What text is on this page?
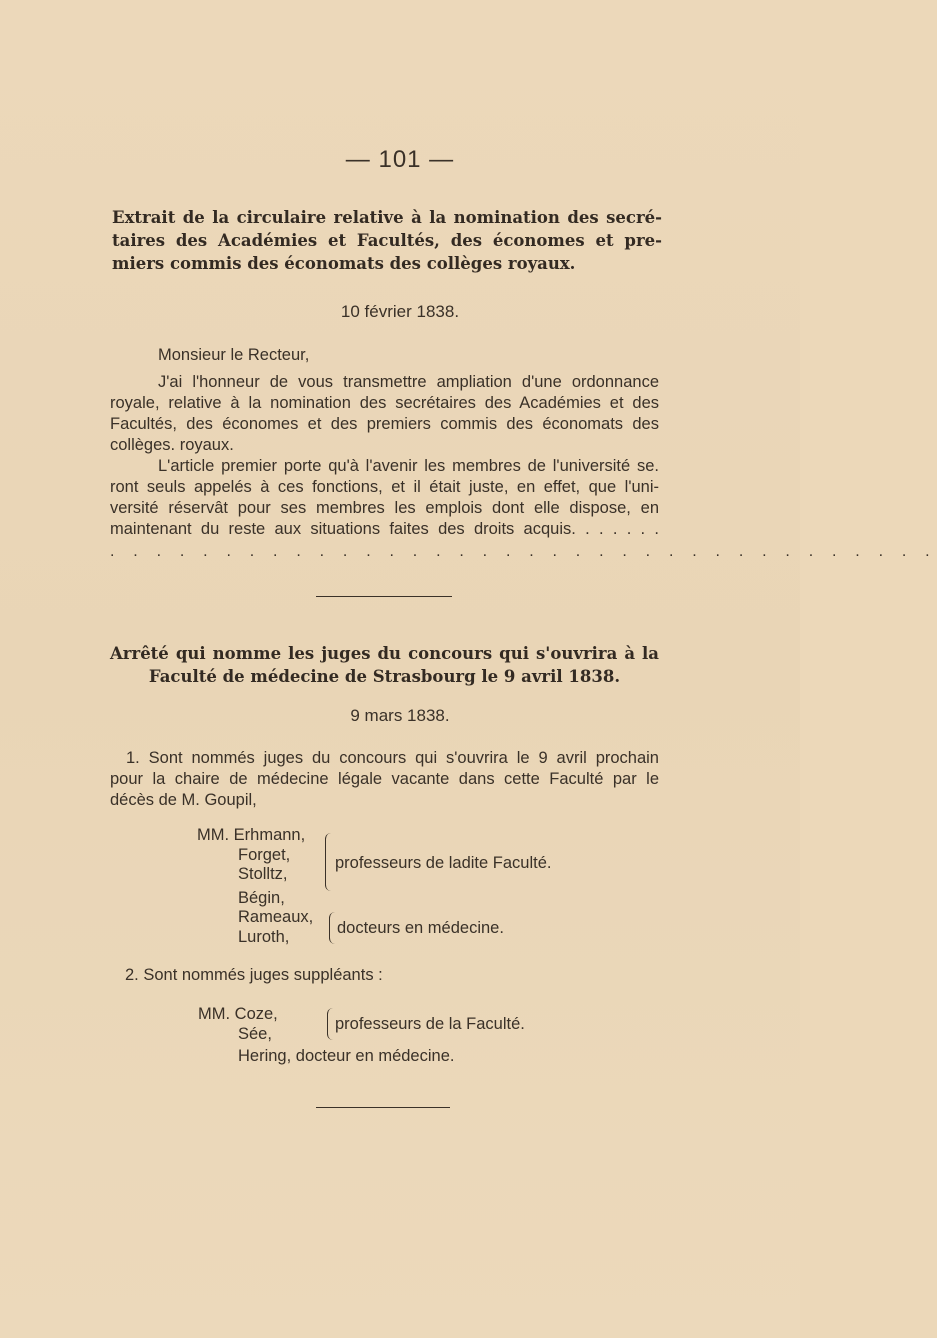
— 101 —
Extrait de la circulaire relative à la nomination des secré-
taires des Académies et Facultés, des économes et pre-
miers commis des économats des collèges royaux.
10 février 1838.
Monsieur le Recteur,
J'ai l'honneur de vous transmettre ampliation d'une ordonnance
royale, relative à la nomination des secrétaires des Académies et des
Facultés, des économes et des premiers commis des économats des
collèges. royaux.
L'article premier porte qu'à l'avenir les membres de l'université se.
ront seuls appelés à ces fonctions, et il était juste, en effet, que l'uni-
versité réservât pour ses membres les emplois dont elle dispose, en
maintenant du reste aux situations faites des droits acquis. . . . . . .
. . . . . . . . . . . . . . . . . . . . . . . . . . . . . . . . . . . .
Arrêté qui nomme les juges du concours qui s'ouvrira à la
Faculté de médecine de Strasbourg le 9 avril 1838.
9 mars 1838.
1. Sont nommés juges du concours qui s'ouvrira le 9 avril prochain
pour la chaire de médecine légale vacante dans cette Faculté par le
décès de M. Goupil,
MM. Erhmann,
Forget,
Stolltz,
Bégin,
professeurs de ladite Faculté.
Rameaux,
Luroth,	docteurs en médecine.
2. Sont nommés juges suppléants :
MM. Coze,
Sée,
professeurs de la Faculté.
Hering, docteur en médecine.
